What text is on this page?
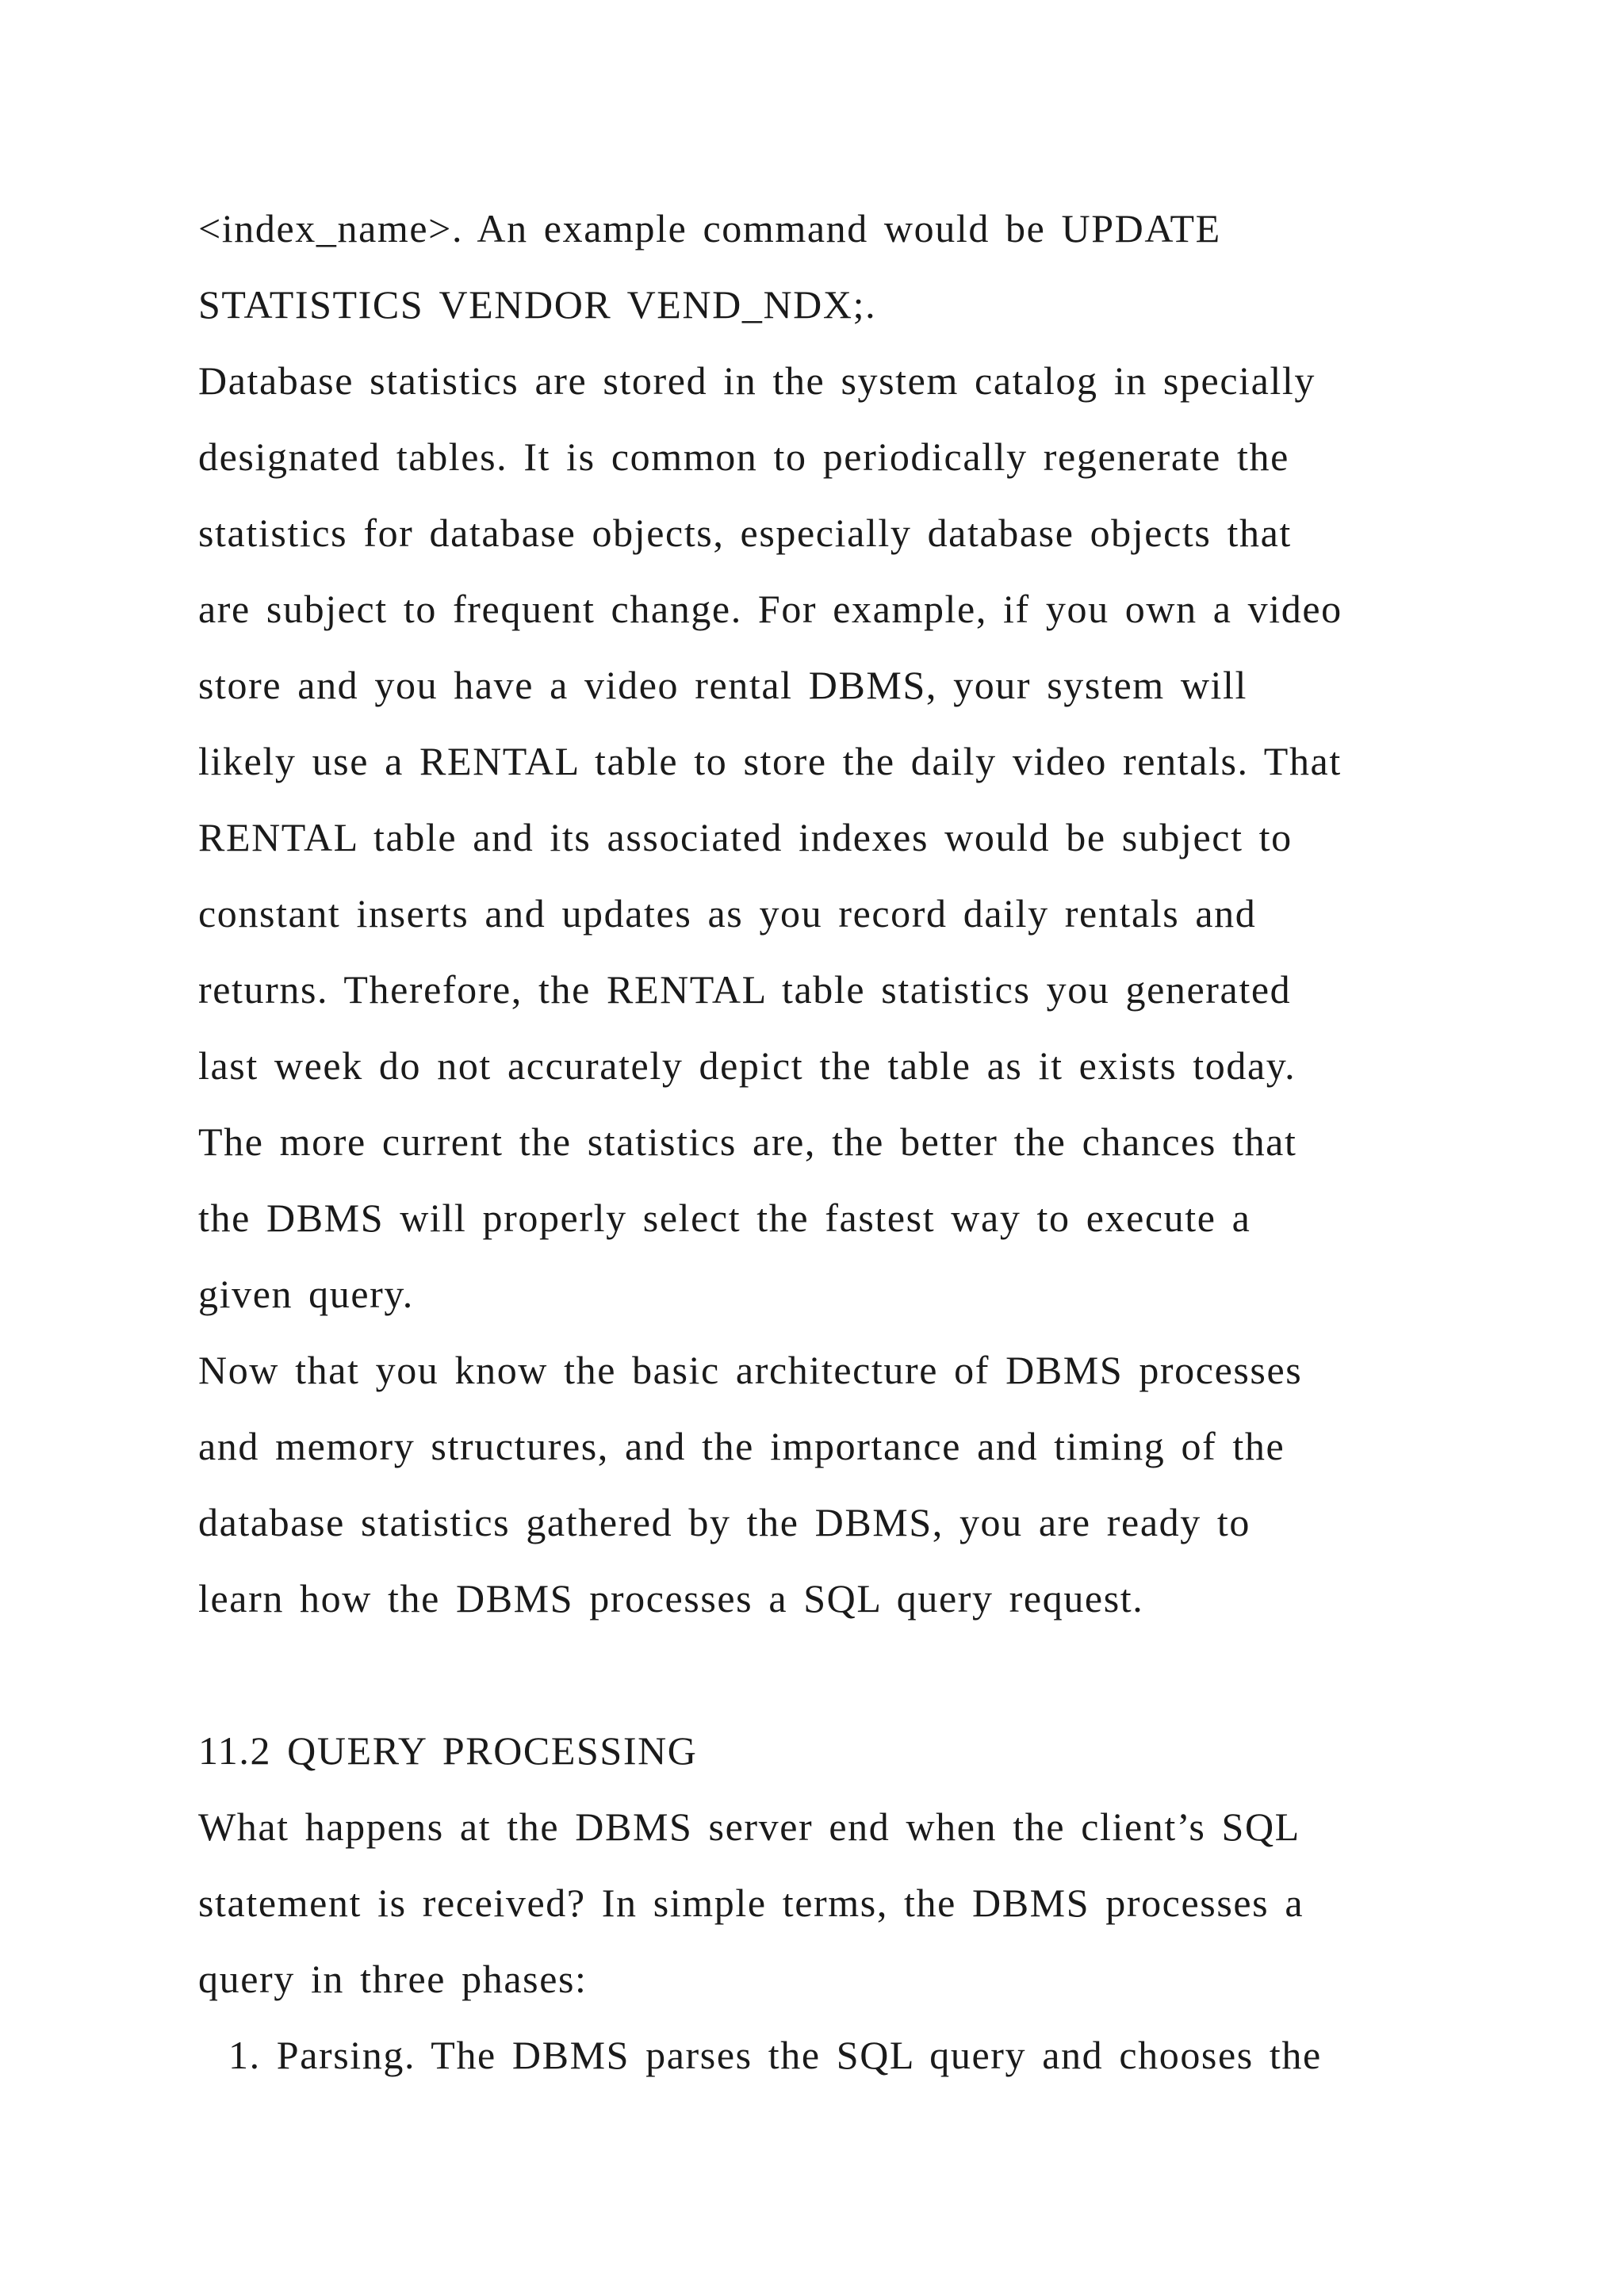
<index_name>. An example command would be UPDATE
STATISTICS VENDOR VEND_NDX;.
Database statistics are stored in the system catalog in specially
designated tables. It is common to periodically regenerate the
statistics for database objects, especially database objects that
are subject to frequent change. For example, if you own a video
store and you have a video rental DBMS, your system will
likely use a RENTAL table to store the daily video rentals. That
RENTAL table and its associated indexes would be subject to
constant inserts and updates as you record daily rentals and
returns. Therefore, the RENTAL table statistics you generated
last week do not accurately depict the table as it exists today.
The more current the statistics are, the better the chances that
the DBMS will properly select the fastest way to execute a
given query.
Now that you know the basic architecture of DBMS processes
and memory structures, and the importance and timing of the
database statistics gathered by the DBMS, you are ready to
learn how the DBMS processes a SQL query request.
11.2 QUERY PROCESSING
What happens at the DBMS server end when the client’s SQL
statement is received? In simple terms, the DBMS processes a
query in three phases:
1. Parsing. The DBMS parses the SQL query and chooses the
